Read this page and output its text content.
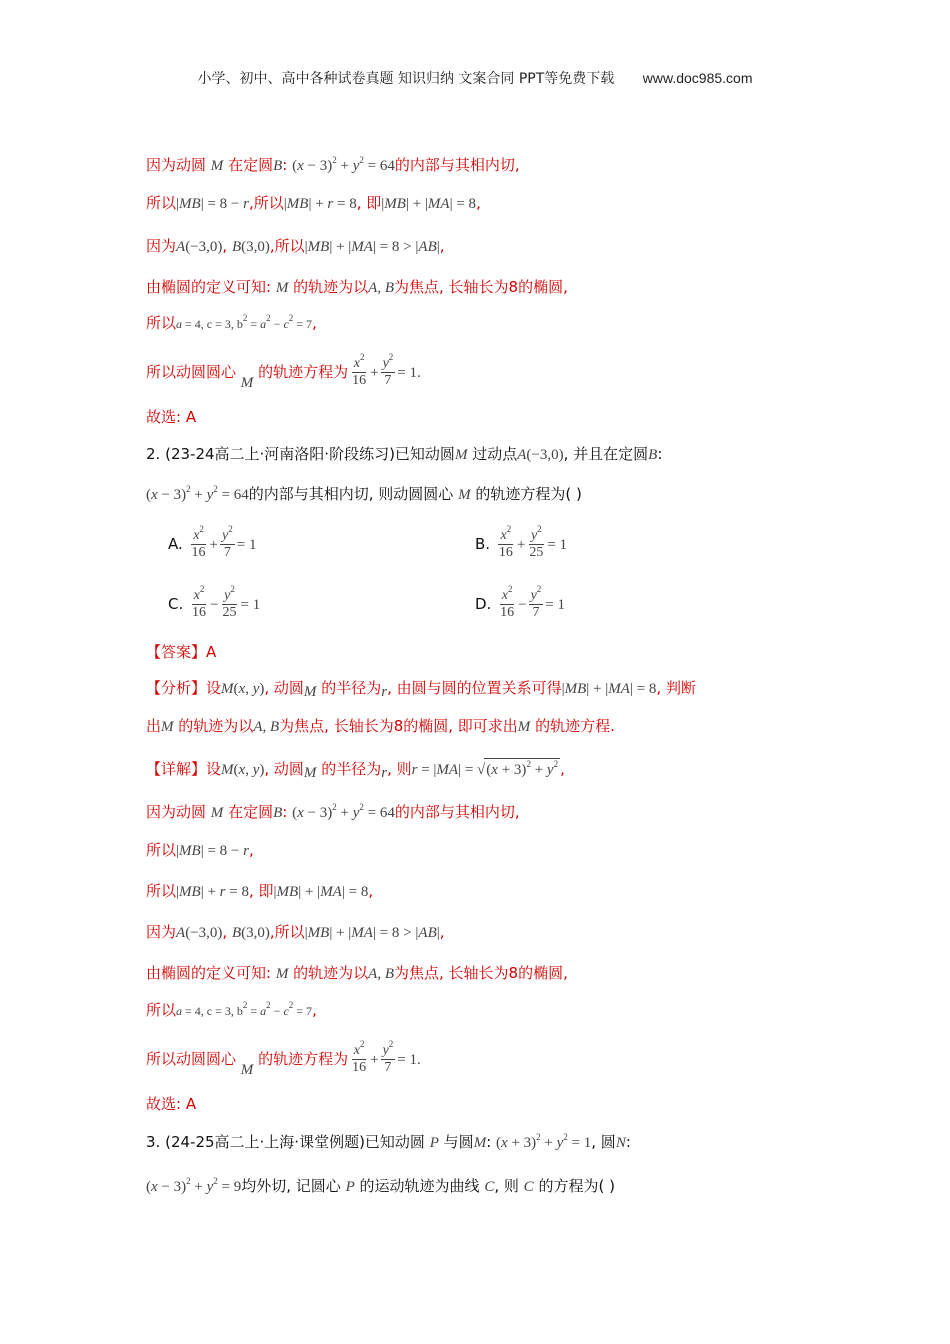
小学、初中、高中各种试卷真题 知识归纳 文案合同 PPT等免费下载 www.doc985.com
因为动圆 M 在定圆B: $(x - 3)^2 + y^2 = 64$的内部与其相内切,
所以|MB| = 8 − r,所以|MB| + r = 8, 即|MB| + |MA| = 8,
因为A(−3,0), B(3,0),所以|MB| + |MA| = 8 > |AB|,
由椭圆的定义可知: M 的轨迹为以A, B为焦点, 长轴长为8的椭圆,
所以a = 4, c = 3, $b^2 = a^2 - c^2 = 7$,
所以动圆圆心 M 的轨迹方程为 $\frac{x^2}{16} + \frac{y^2}{7} = 1$.
故选: A
2. (23-24高二上·河南洛阳·阶段练习)已知动圆M 过动点A(−3,0), 并且在定圆B:
$(x - 3)^2 + y^2 = 64$的内部与其相内切, 则动圆圆心 M 的轨迹方程为( )
A. $\frac{x^2}{16} + \frac{y^2}{7} = 1$	B. $\frac{x^2}{16} + \frac{y^2}{25} = 1$
C. $\frac{x^2}{16} - \frac{y^2}{25} = 1$	D. $\frac{x^2}{16} - \frac{y^2}{7} = 1$
【答案】A
【分析】设M(x, y), 动圆M 的半径为r, 由圆与圆的位置关系可得|MB| + |MA| = 8, 判断
出M 的轨迹为以A, B为焦点, 长轴长为8的椭圆, 即可求出M 的轨迹方程.
【详解】设M(x, y), 动圆M 的半径为r, 则$r = |MA| = √(x + 3)^2 + y^2$ ,
因为动圆 M 在定圆B: $(x - 3)^2 + y^2 = 64$的内部与其相内切,
所以|MB| = 8 − r,
所以|MB| + r = 8, 即|MB| + |MA| = 8,
因为A(−3,0), B(3,0),所以|MB| + |MA| = 8 > |AB|,
由椭圆的定义可知: M 的轨迹为以A, B为焦点, 长轴长为8的椭圆,
所以a = 4, c = 3, $b^2 = a^2 - c^2 = 7$,
所以动圆圆心 M 的轨迹方程为 $\frac{x^2}{16} + \frac{y^2}{7} = 1$.
故选: A
3. (24-25高二上·上海·课堂例题)已知动圆 P 与圆M: $(x + 3)^2 + y^2 = 1$, 圆N:
$(x - 3)^2 + y^2 = 9$均外切, 记圆心 P 的运动轨迹为曲线 C, 则 C 的方程为( )
